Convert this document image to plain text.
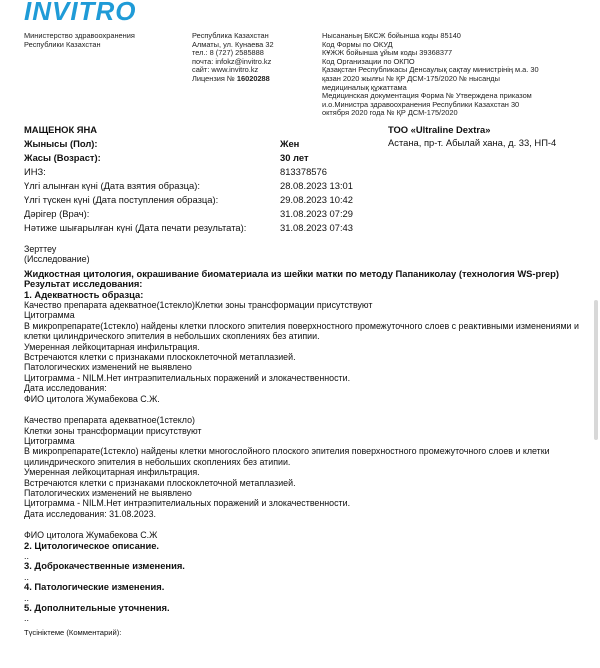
INVITRO
Министерство здравоохранения
Республики Казахстан
Республика Казахстан
Алматы, ул. Кунаева 32
тел.: 8 (727) 2585888
почта: infokz@invitro.kz
сайт: www.invitro.kz
Лицензия № 16020288
Нысананың БКСЖ бойынша коды 85140
Код Формы по ОКУД
КҰЖЖ бойынша ұйым коды 39368377
Код Организации по ОКПО
Қазақстан Республикасы Денсаулық сақтау министрінің м.а. 30
қазан 2020 жылғы № ҚР ДСМ-175/2020 № нысанды
медициналық құжаттама
Медицинская документация Форма № Утверждена приказом
и.о.Министра здравоохранения Республики Казахстан 30
октября 2020 года № ҚР ДСМ-175/2020
МАЩЕНОК ЯНА
Жынысы (Пол):	Жен
Жасы (Возраст):	30 лет
ИНЗ:	813378576
Үлгі алынған күні (Дата взятия образца):	28.08.2023 13:01
Үлгі түскен күні (Дата поступления образца):	29.08.2023 10:42
Дәрігер (Врач):	31.08.2023 07:29
Нәтиже шығарылған күні (Дата печати результата):	31.08.2023 07:43
ТОО «Ultraline Dextra»
Астана, пр-т. Абылай хана, д. 33, НП-4
Зерттеу
(Исследование)
Жидкостная цитология, окрашивание биоматериала из шейки матки по методу Папаниколау (технология WS-prep)
Результат исследования:
1. Адекватность образца:
Качество препарата адекватное(1стекло)Клетки зоны трансформации присутствуют
Цитограмма
В микропрепарате(1стекло) найдены клетки плоского эпителия поверхностного промежуточного слоев с реактивными изменениями и клетки цилиндрического эпителия в небольших скоплениях без атипии.
Умеренная лейкоцитарная инфильтрация.
Встречаются клетки с признаками плоскоклеточной метаплазией.
Патологических изменений не выявлено
Цитограмма - NILM.Нет интраэпителиальных поражений и злокачественности.
Дата исследования:
ФИО цитолога Жумабекова С.Ж.
Качество препарата адекватное(1стекло)
Клетки зоны трансформации присутствуют
Цитограмма
В микропрепарате(1стекло) найдены клетки многослойного плоского эпителия поверхностного промежуточного слоев и клетки цилиндрического эпителия в небольших скоплениях без атипии.
Умеренная лейкоцитарная инфильтрация.
Встречаются клетки с признаками плоскоклеточной метаплазией.
Патологических изменений не выявлено
Цитограмма - NILM.Нет интраэпителиальных поражений и злокачественности.
Дата исследования: 31.08.2023.
ФИО цитолога Жумабекова С.Ж
2. Цитологическое описание.
..
3. Доброкачественные изменения.
..
4. Патологические изменения.
..
5. Дополнительные уточнения.
..
Түсініктеме (Комментарий):
